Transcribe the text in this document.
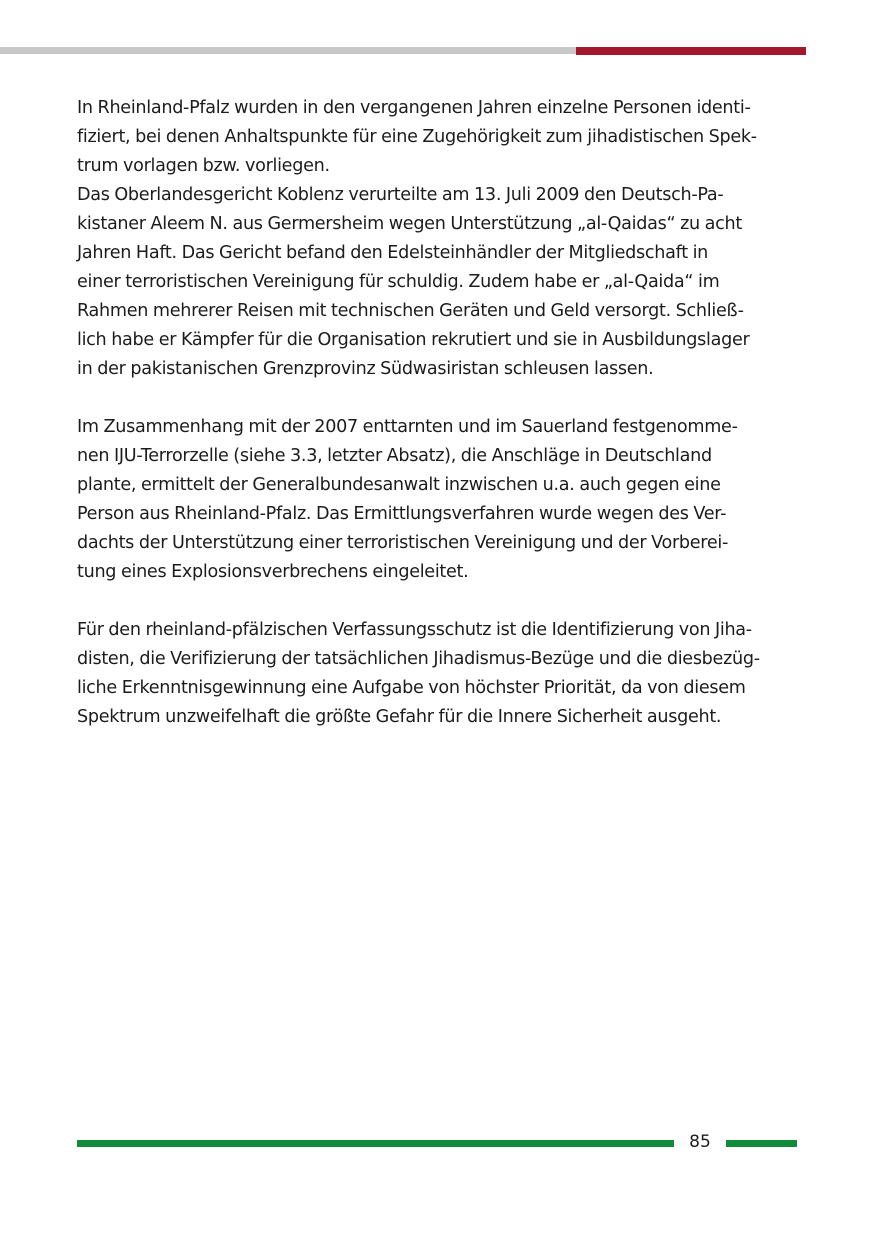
In Rheinland-Pfalz wurden in den vergangenen Jahren einzelne Personen identi-
fiziert, bei denen Anhaltspunkte für eine Zugehörigkeit zum jihadistischen Spek-
trum vorlagen bzw. vorliegen.
Das Oberlandesgericht Koblenz verurteilte am 13. Juli 2009 den Deutsch-Pa-
kistaner Aleem N. aus Germersheim wegen Unterstützung „al-Qaidas“ zu acht
Jahren Haft. Das Gericht befand den Edelsteinhändler der Mitgliedschaft in
einer terroristischen Vereinigung für schuldig. Zudem habe er „al-Qaida“ im
Rahmen mehrerer Reisen mit technischen Geräten und Geld versorgt. Schließ-
lich habe er Kämpfer für die Organisation rekrutiert und sie in Ausbildungslager
in der pakistanischen Grenzprovinz Südwasiristan schleusen lassen.

Im Zusammenhang mit der 2007 enttarnten und im Sauerland festgenomme-
nen IJU-Terrorzelle (siehe 3.3, letzter Absatz), die Anschläge in Deutschland
plante, ermittelt der Generalbundesanwalt inzwischen u.a. auch gegen eine
Person aus Rheinland-Pfalz. Das Ermittlungsverfahren wurde wegen des Ver-
dachts der Unterstützung einer terroristischen Vereinigung und der Vorberei-
tung eines Explosionsverbrechens eingeleitet.

Für den rheinland-pfälzischen Verfassungsschutz ist die Identifizierung von Jiha-
disten, die Verifizierung der tatsächlichen Jihadismus-Bezüge und die diesbezüg-
liche Erkenntnisgewinnung eine Aufgabe von höchster Priorität, da von diesem
Spektrum unzweifelhaft die größte Gefahr für die Innere Sicherheit ausgeht.

85
